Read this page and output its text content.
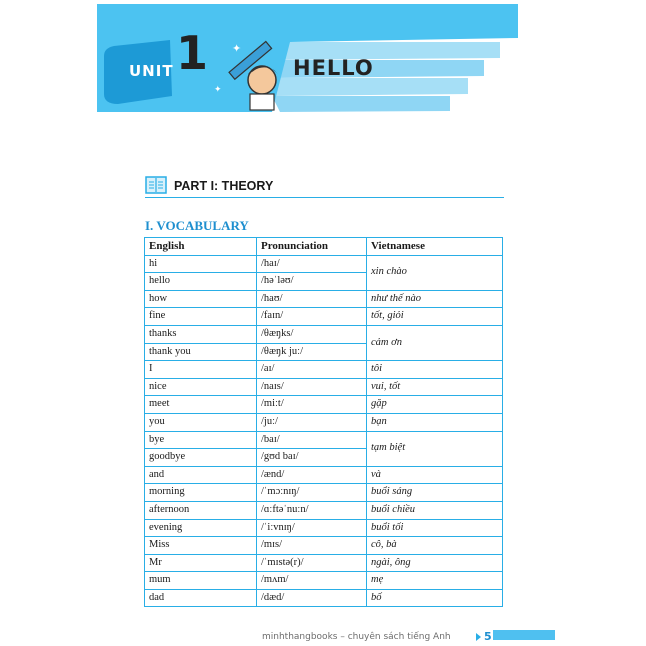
✦
✦
UNIT 1	HELLO
PART I: THEORY
I. VOCABULARY
English	Pronunciation	Vietnamese
hi	/haɪ/	xin chào
hello	/həˈləʊ/	
how	/haʊ/	như thế nào
fine	/faɪn/	tốt, giỏi
thanks	/θæŋks/	cảm ơn
thank you	/θæŋk juː/	
I	/aɪ/	tôi
nice	/naɪs/	vui, tốt
meet	/miːt/	gặp
you	/juː/	bạn
bye	/baɪ/	tạm biệt
goodbye	/gʊd baɪ/	
and	/ænd/	và
morning	/ˈmɔːnɪŋ/	buổi sáng
afternoon	/ɑːftəˈnuːn/	buổi chiều
evening	/ˈiːvnɪŋ/	buổi tối
Miss	/mɪs/	cô, bà
Mr	/ˈmɪstə(r)/	ngài, ông
mum	/mʌm/	mẹ
dad	/dæd/	bố
minhthangbooks – chuyên sách tiếng Anh	5
